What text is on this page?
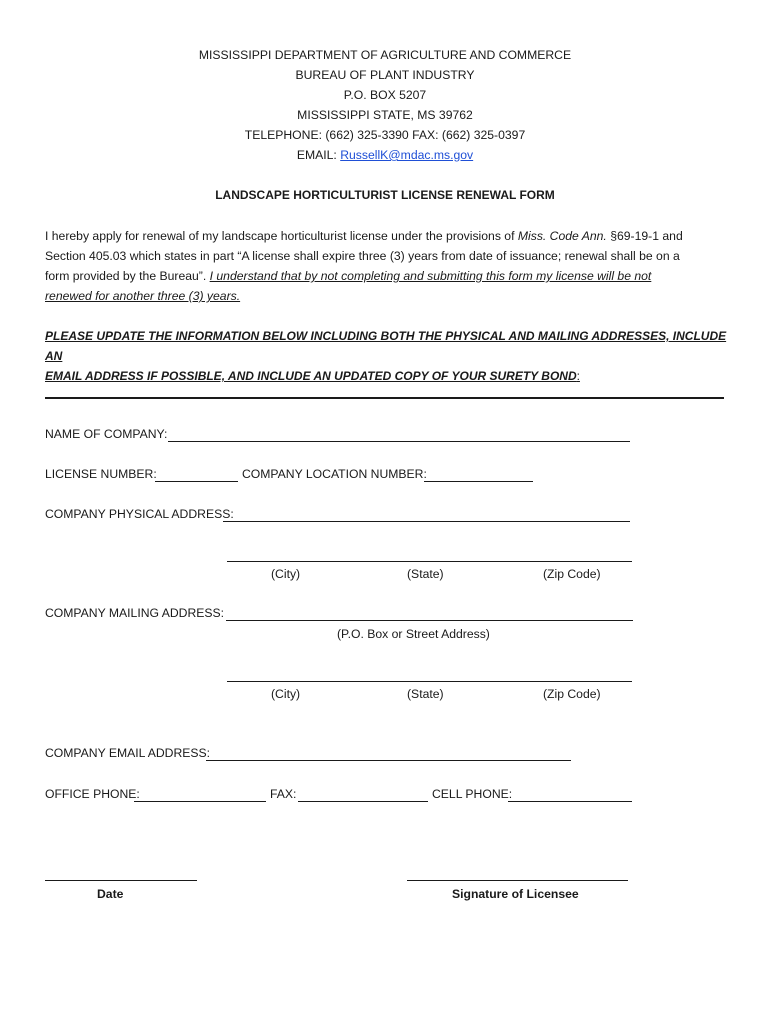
MISSISSIPPI DEPARTMENT OF AGRICULTURE AND COMMERCE
BUREAU OF PLANT INDUSTRY
P.O. BOX 5207
MISSISSIPPI STATE, MS 39762
TELEPHONE: (662) 325-3390 FAX: (662) 325-0397
EMAIL: RussellK@mdac.ms.gov
LANDSCAPE HORTICULTURIST LICENSE RENEWAL FORM
I hereby apply for renewal of my landscape horticulturist license under the provisions of Miss. Code Ann. §69-19-1 and
Section 405.03 which states in part “A license shall expire three (3) years from date of issuance; renewal shall be on a
form provided by the Bureau”. I understand that by not completing and submitting this form my license will be not
renewed for another three (3) years.
PLEASE UPDATE THE INFORMATION BELOW INCLUDING BOTH THE PHYSICAL AND MAILING ADDRESSES, INCLUDE AN
EMAIL ADDRESS IF POSSIBLE, AND INCLUDE AN UPDATED COPY OF YOUR SURETY BOND:
NAME OF COMPANY:
LICENSE NUMBER:	COMPANY LOCATION NUMBER:
COMPANY PHYSICAL ADDRESS:
(City)	(State)	(Zip Code)
COMPANY MAILING ADDRESS:
(P.O. Box or Street Address)
(City)	(State)	(Zip Code)
COMPANY EMAIL ADDRESS:
OFFICE PHONE:	FAX:	CELL PHONE:
Date	Signature of Licensee
